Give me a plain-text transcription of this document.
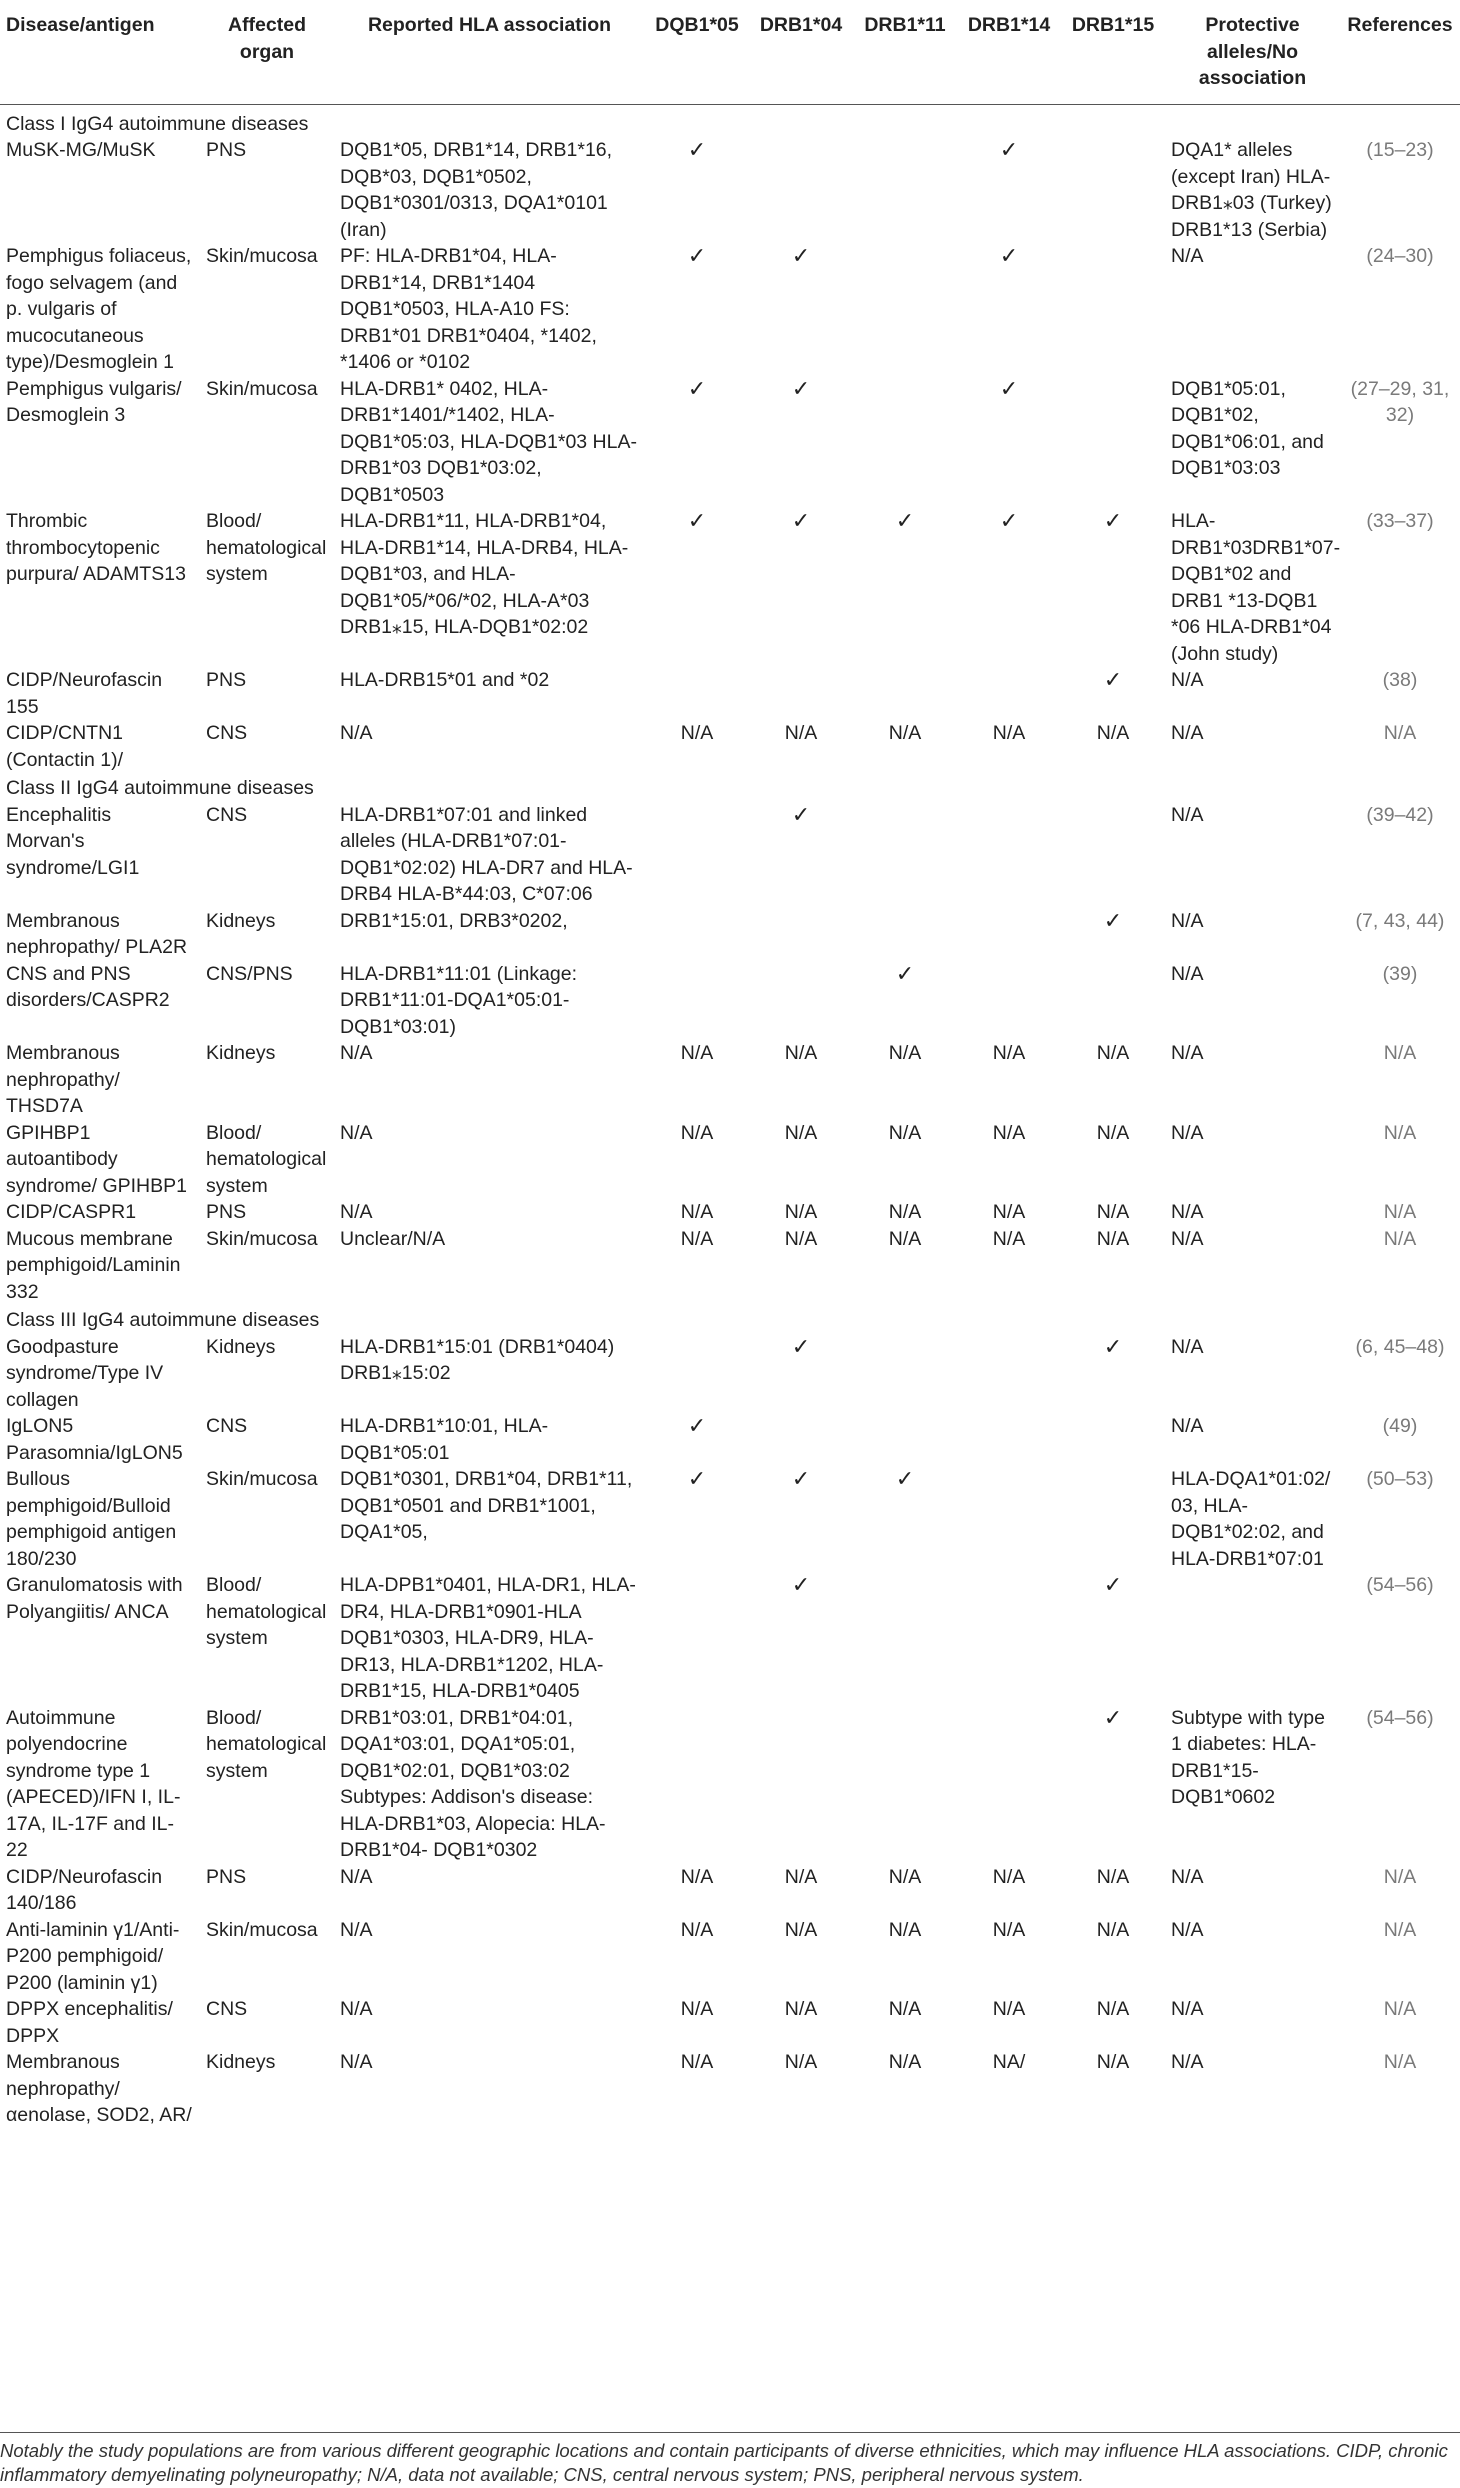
Disease/antigen	Affected organ	Reported HLA association	DQB1*05	DRB1*04	DRB1*11	DRB1*14	DRB1*15	Protective alleles/No association	References
Class I IgG4 autoimmune diseases									
MuSK-MG/MuSK	PNS	DQB1*05, DRB1*14, DRB1*16, DQB*03, DQB1*0502, DQB1*0301/0313, DQA1*0101 (Iran)	✓			✓		DQA1* alleles (except Iran) HLA-DRB1⁎03 (Turkey) DRB1*13 (Serbia)	(15–23)
Pemphigus foliaceus, fogo selvagem (and p. vulgaris of mucocutaneous type)/Desmoglein 1	Skin/mucosa	PF: HLA-DRB1*04, HLA-DRB1*14, DRB1*1404 DQB1*0503, HLA-A10 FS: DRB1*01 DRB1*0404, *1402, *1406 or *0102	✓	✓		✓		N/A	(24–30)
Pemphigus vulgaris/ Desmoglein 3	Skin/mucosa	HLA-DRB1* 0402, HLA-DRB1*1401/*1402, HLA-DQB1*05:03, HLA-DQB1*03 HLA-DRB1*03 DQB1*03:02, DQB1*0503	✓	✓		✓		DQB1*05:01, DQB1*02, DQB1*06:01, and DQB1*03:03	(27–29, 31, 32)
Thrombic thrombocytopenic purpura/ ADAMTS13	Blood/ hematological system	HLA-DRB1*11, HLA-DRB1*04, HLA-DRB1*14, HLA-DRB4, HLA-DQB1*03, and HLA-DQB1*05/*06/*02, HLA-A*03 DRB1⁎15, HLA-DQB1*02:02	✓	✓	✓	✓	✓	HLA-DRB1*03DRB1*07-DQB1*02 and DRB1 *13-DQB1 *06 HLA-DRB1*04 (John study)	(33–37)
CIDP/Neurofascin 155	PNS	HLA-DRB15*01 and *02					✓	N/A	(38)
CIDP/CNTN1 (Contactin 1)/	CNS	N/A	N/A	N/A	N/A	N/A	N/A	N/A	N/A
Class II IgG4 autoimmune diseases									
Encephalitis Morvan's syndrome/LGI1	CNS	HLA-DRB1*07:01 and linked alleles (HLA-DRB1*07:01- DQB1*02:02) HLA-DR7 and HLA-DRB4 HLA-B*44:03, C*07:06		✓				N/A	(39–42)
Membranous nephropathy/ PLA2R	Kidneys	DRB1*15:01, DRB3*0202,					✓	N/A	(7, 43, 44)
CNS and PNS disorders/CASPR2	CNS/PNS	HLA-DRB1*11:01 (Linkage: DRB1*11:01-DQA1*05:01-DQB1*03:01)			✓			N/A	(39)
Membranous nephropathy/ THSD7A	Kidneys	N/A	N/A	N/A	N/A	N/A	N/A	N/A	N/A
GPIHBP1 autoantibody syndrome/ GPIHBP1	Blood/ hematological system	N/A	N/A	N/A	N/A	N/A	N/A	N/A	N/A
CIDP/CASPR1	PNS	N/A	N/A	N/A	N/A	N/A	N/A	N/A	N/A
Mucous membrane pemphigoid/Laminin 332	Skin/mucosa	Unclear/N/A	N/A	N/A	N/A	N/A	N/A	N/A	N/A
Class III IgG4 autoimmune diseases									
Goodpasture syndrome/Type IV collagen	Kidneys	HLA-DRB1*15:01 (DRB1*0404) DRB1⁎15:02		✓			✓	N/A	(6, 45–48)
IgLON5 Parasomnia/IgLON5	CNS	HLA-DRB1*10:01, HLA-DQB1*05:01	✓					N/A	(49)
Bullous pemphigoid/Bulloid pemphigoid antigen 180/230	Skin/mucosa	DQB1*0301, DRB1*04, DRB1*11, DQB1*0501 and DRB1*1001, DQA1*05,	✓	✓	✓			HLA-DQA1*01:02/ 03, HLA-DQB1*02:02, and HLA-DRB1*07:01	(50–53)
Granulomatosis with Polyangiitis/ ANCA	Blood/ hematological system	HLA-DPB1*0401, HLA-DR1, HLA-DR4, HLA-DRB1*0901-HLA DQB1*0303, HLA-DR9, HLA-DR13, HLA-DRB1*1202, HLA-DRB1*15, HLA-DRB1*0405		✓			✓		(54–56)
Autoimmune polyendocrine syndrome type 1 (APECED)/IFN I, IL-17A, IL-17F and IL-22	Blood/ hematological system	DRB1*03:01, DRB1*04:01, DQA1*03:01, DQA1*05:01, DQB1*02:01, DQB1*03:02 Subtypes: Addison's disease: HLA-DRB1*03, Alopecia: HLA-DRB1*04- DQB1*0302					✓	Subtype with type 1 diabetes: HLA-DRB1*15-DQB1*0602	(54–56)
CIDP/Neurofascin 140/186	PNS	N/A	N/A	N/A	N/A	N/A	N/A	N/A	N/A
Anti-laminin γ1/Anti-P200 pemphigoid/ P200 (laminin γ1)	Skin/mucosa	N/A	N/A	N/A	N/A	N/A	N/A	N/A	N/A
DPPX encephalitis/ DPPX	CNS	N/A	N/A	N/A	N/A	N/A	N/A	N/A	N/A
Membranous nephropathy/ αenolase, SOD2, AR/	Kidneys	N/A	N/A	N/A	N/A	NA/	N/A	N/A	N/A
Notably the study populations are from various different geographic locations and contain participants of diverse ethnicities, which may influence HLA associations. CIDP, chronic inflammatory demyelinating polyneuropathy; N/A, data not available; CNS, central nervous system; PNS, peripheral nervous system.
